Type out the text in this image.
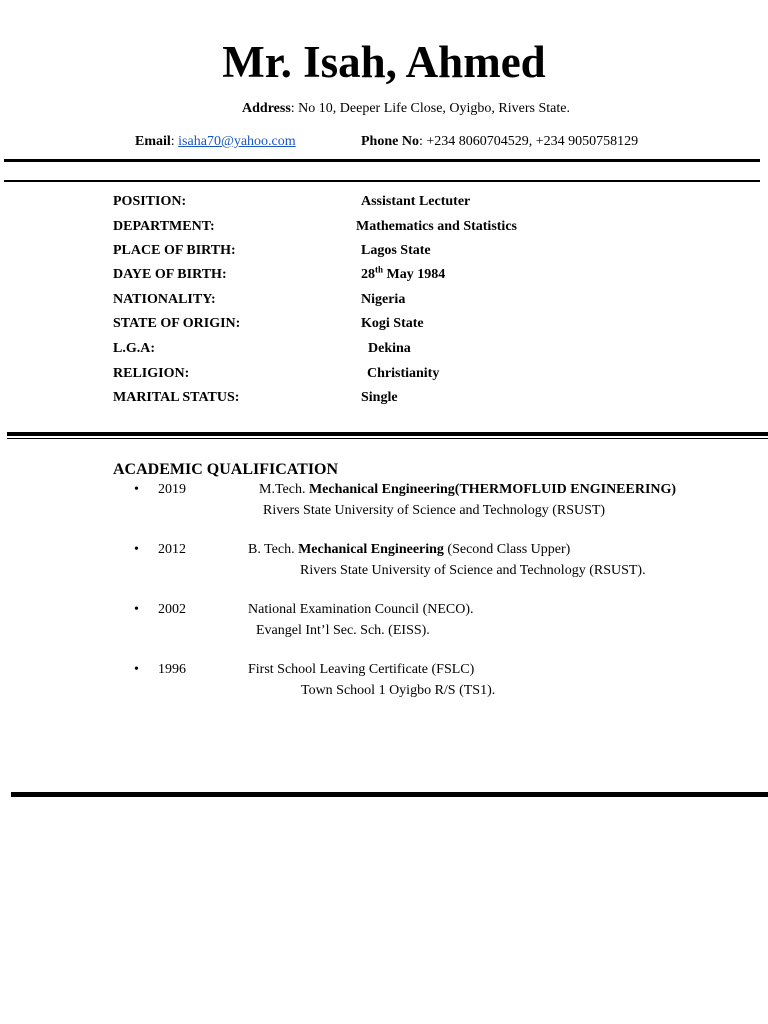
Mr. Isah, Ahmed
Address: No 10, Deeper Life Close, Oyigbo, Rivers State.
Email: isaha70@yahoo.com	Phone No: +234 8060704529, +234 9050758129
POSITION:	Assistant Lectuter
DEPARTMENT:	Mathematics and Statistics
PLACE OF BIRTH:	Lagos State
DAYE OF BIRTH:	28th May 1984
NATIONALITY:	Nigeria
STATE OF ORIGIN:	Kogi State
L.G.A:	Dekina
RELIGION:	Christianity
MARITAL STATUS:	Single
ACADEMIC QUALIFICATION
• 2019	M.Tech. Mechanical Engineering(THERMOFLUID ENGINEERING)
Rivers State University of Science and Technology (RSUST)
• 2012	B. Tech. Mechanical Engineering (Second Class Upper)
Rivers State University of Science and Technology (RSUST).
• 2002	National Examination Council (NECO).
Evangel Int’l Sec. Sch. (EISS).
• 1996	First School Leaving Certificate (FSLC)
Town School 1 Oyigbo R/S (TS1).
